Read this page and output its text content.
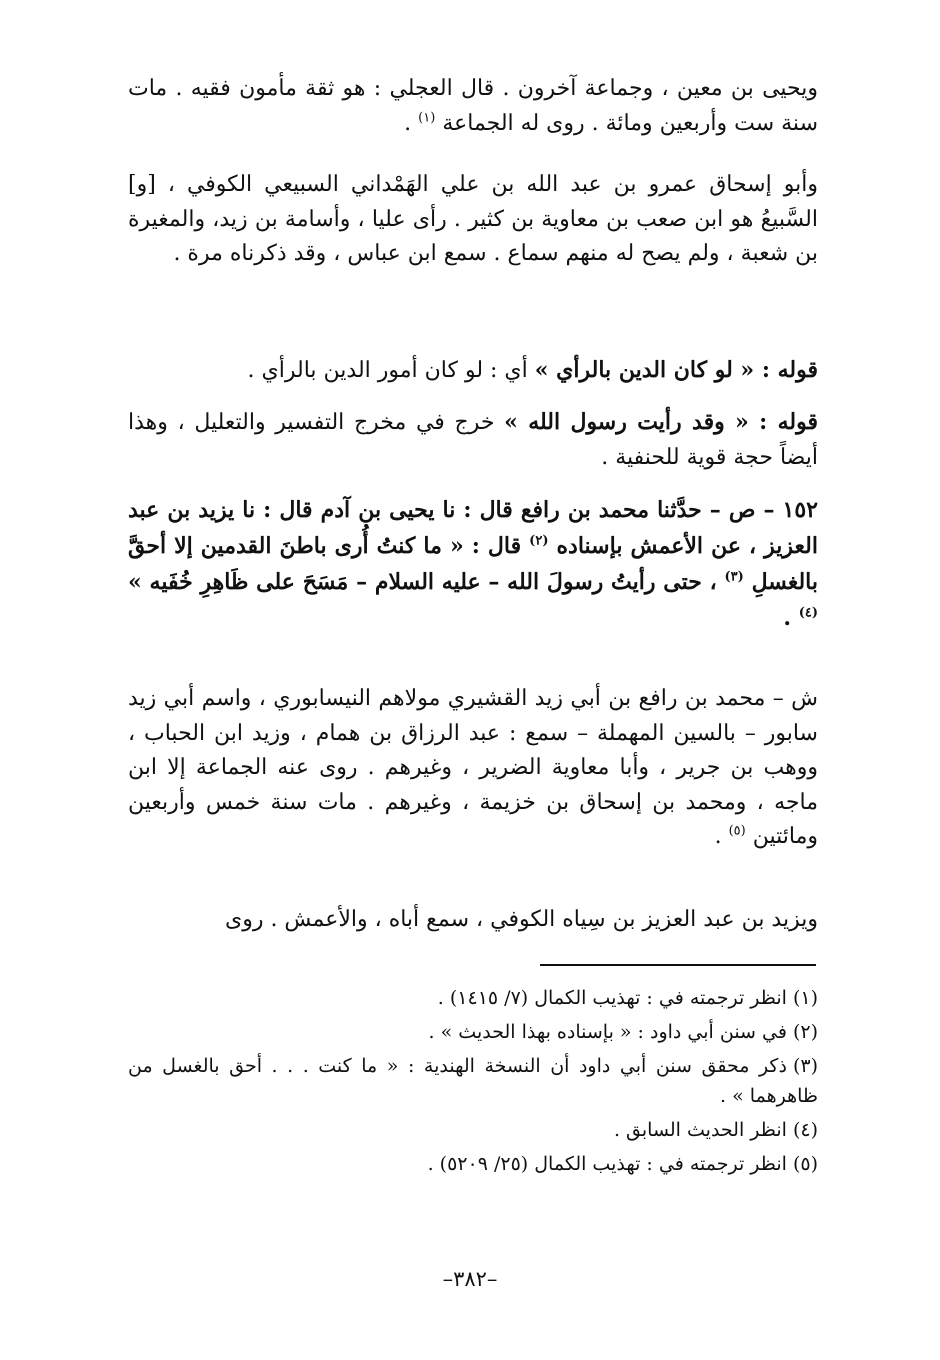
ويحيى بن معين ، وجماعة آخرون . قال العجلي : هو ثقة مأمون فقيه . مات سنة ست وأربعين ومائة . روى له الجماعة $^{(١)}$ .

وأبو إسحاق عمرو بن عبد الله بن علي الهَمْداني السبيعي الكوفي ، [و] السَّبيعُ هو ابن صعب بن معاوية بن كثير . رأى عليا ، وأسامة بن زيد، والمغيرة بن شعبة ، ولم يصح له منهم سماع . سمع ابن عباس ، وقد ذكرناه مرة .

قوله : « لو كان الدين بالرأي » أي : لو كان أمور الدين بالرأي .

قوله : « وقد رأيت رسول الله » خرج في مخرج التفسير والتعليل ، وهذا أيضاً حجة قوية للحنفية .

١٥٢ – ص – حدَّثنا محمد بن رافع قال : نا يحيى بن آدم قال : نا يزيد بن عبد العزيز ، عن الأعمش بإسناده $^{(٢)}$ قال : « ما كنتُ أُرى باطنَ القدمين إلا أحقَّ بالغسلِ $^{(٣)}$ ، حتى رأيتُ رسولَ الله – عليه السلام – مَسَحَ على ظَاهِرِ خُفَيه » $^{(٤)}$ .

ش – محمد بن رافع بن أبي زيد القشيري مولاهم النيسابوري ، واسم أبي زيد سابور – بالسين المهملة – سمع : عبد الرزاق بن همام ، وزيد ابن الحباب ، ووهب بن جرير ، وأبا معاوية الضرير ، وغيرهم . روى عنه الجماعة إلا ابن ماجه ، ومحمد بن إسحاق بن خزيمة ، وغيرهم . مات سنة خمس وأربعين ومائتين $^{(٥)}$ .

ويزيد بن عبد العزيز بن سِياه الكوفي ، سمع أباه ، والأعمش . روى

(١)انظر ترجمته في : تهذيب الكمال (٧/ ١٤١٥) .

(٢)في سنن أبي داود : « بإسناده بهذا الحديث » .

(٣)ذكر محقق سنن أبي داود أن النسخة الهندية : « ما كنت . . . أحق بالغسل من ظاهرهما » .

(٤)انظر الحديث السابق .

(٥)انظر ترجمته في : تهذيب الكمال (٢٥/ ٥٢٠٩) .

–٣٨٢–
